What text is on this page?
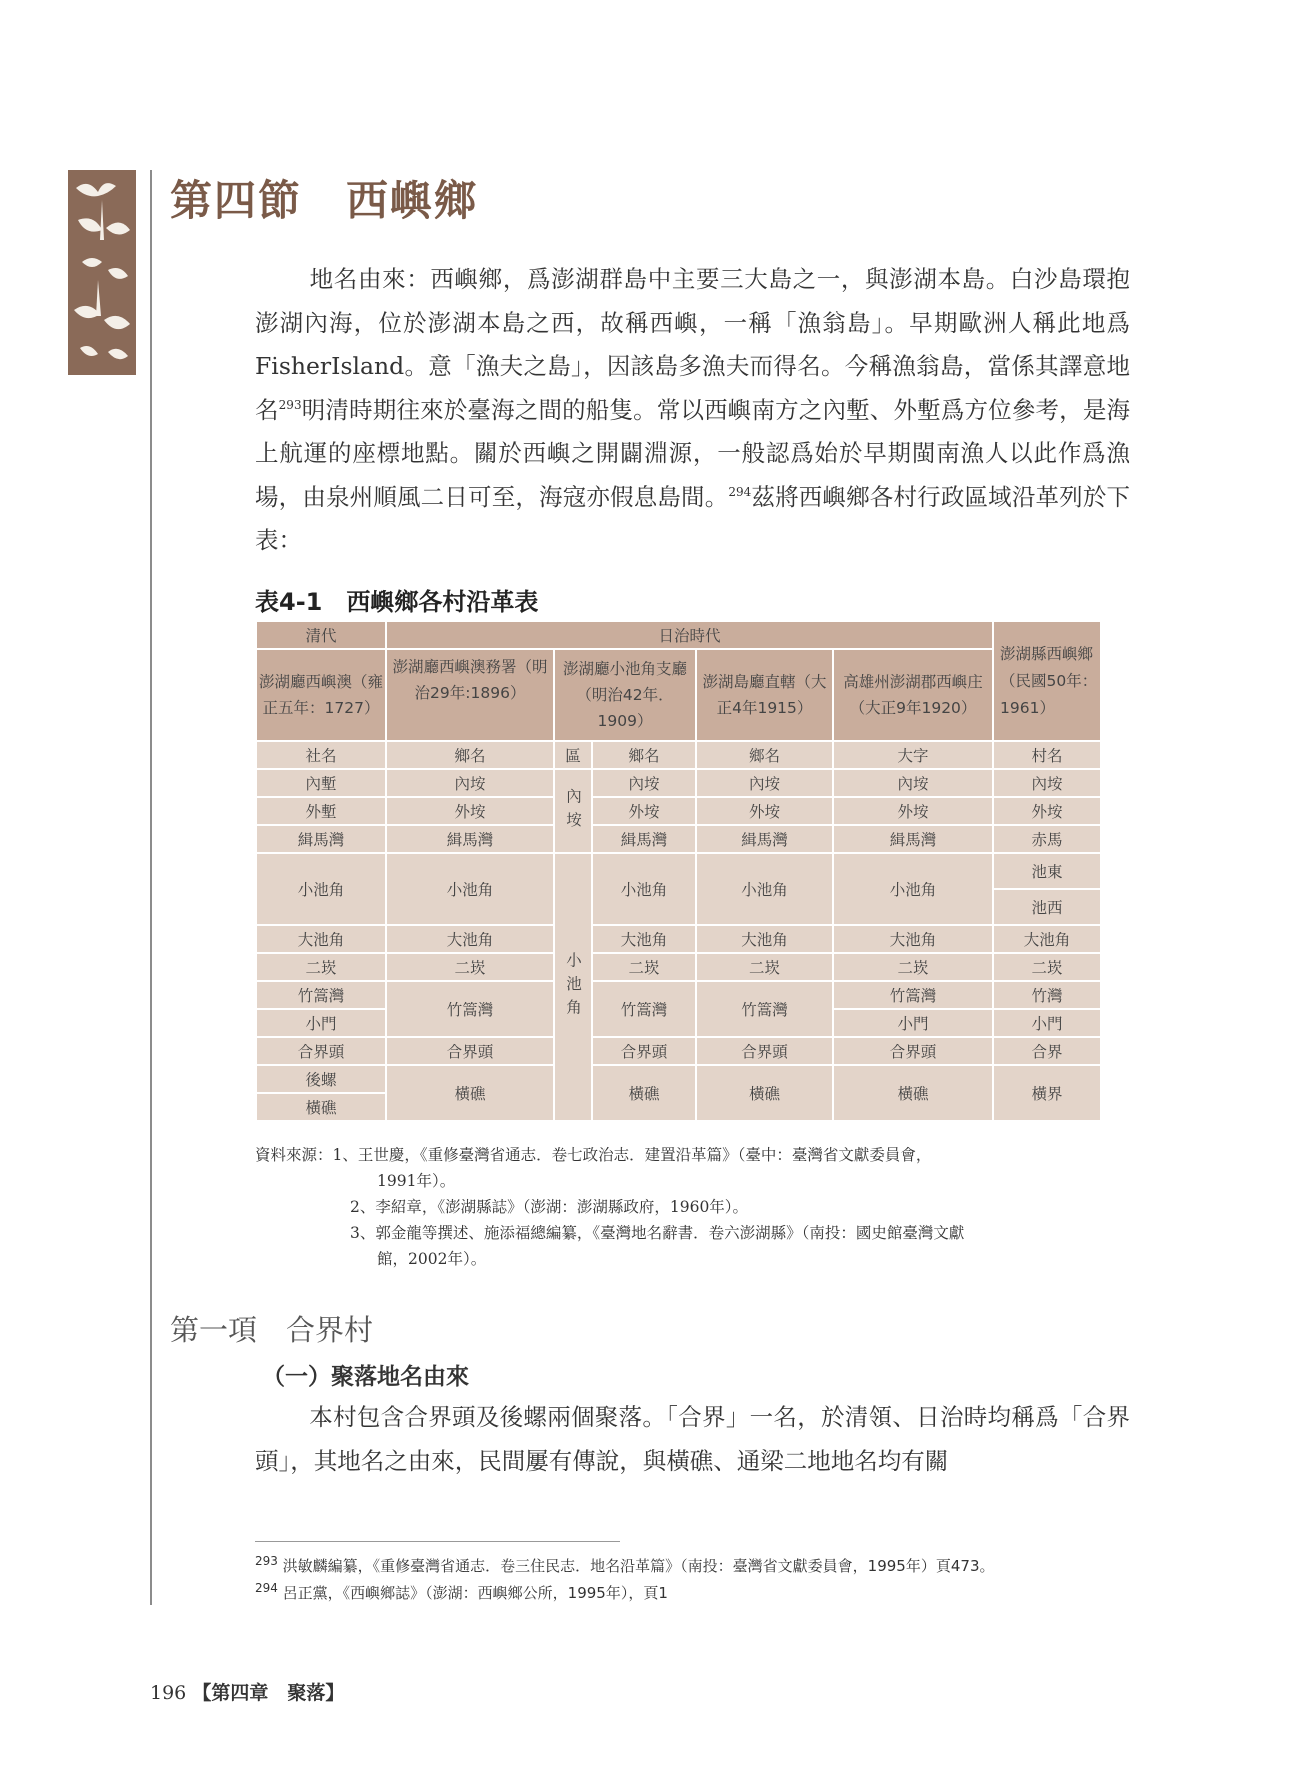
第四節　西嶼鄉
地名由來：西嶼鄉，爲澎湖群島中主要三大島之一，與澎湖本島。白沙島環抱澎湖內海，位於澎湖本島之西，故稱西嶼，一稱「漁翁島」。早期歐洲人稱此地爲FisherIsland。意「漁夫之島」，因該島多漁夫而得名。今稱漁翁島，當係其譯意地名$^{293}$明清時期往來於臺海之間的船隻。常以西嶼南方之內塹、外塹爲方位參考，是海上航運的座標地點。關於西嶼之開闢淵源，一般認爲始於早期閩南漁人以此作爲漁場，由泉州順風二日可至，海寇亦假息島間。$^{294}$茲將西嶼鄉各村行政區域沿革列於下表：
表4-1　西嶼鄉各村沿革表
清代	日治時代					澎湖縣西嶼鄉（民國50年：1961）
澎湖廳西嶼澳（雍正五年：1727）	澎湖廳西嶼澳務署（明治29年:1896）	澎湖廳小池角支廳（明治42年．1909）		澎湖島廳直轄（大正4年1915）	高雄州澎湖郡西嶼庄（大正9年1920）	
社名	鄉名	區	鄉名	鄉名	大字	村名
內塹	內垵	內垵	內垵	內垵	內垵	內垵
外塹	外垵		外垵	外垵	外垵	外垵
緝馬灣	緝馬灣		緝馬灣	緝馬灣	緝馬灣	赤馬
小池角	小池角	小池角	小池角	小池角	小池角	池東
						池西
大池角	大池角		大池角	大池角	大池角	大池角
二崁	二崁		二崁	二崁	二崁	二崁
竹篙灣	竹篙灣		竹篙灣	竹篙灣	竹篙灣	竹灣
小門					小門	小門
合界頭	合界頭		合界頭	合界頭	合界頭	合界
後螺	橫礁		橫礁	橫礁	橫礁	橫界
橫礁						
資料來源：1、王世慶，《重修臺灣省通志．卷七政治志．建置沿革篇》（臺中：臺灣省文獻委員會，
1991年）。
2、李紹章，《澎湖縣誌》（澎湖：澎湖縣政府，1960年）。
3、郭金龍等撰述、施添福總編纂，《臺灣地名辭書．卷六澎湖縣》（南投：國史館臺灣文獻
館，2002年）。
第一項　合界村
（一）聚落地名由來
本村包含合界頭及後螺兩個聚落。「合界」一名，於清領、日治時均稱爲「合界頭」，其地名之由來，民間屢有傳說，與橫礁、通梁二地地名均有關
$^{293}$ 洪敏麟編纂，《重修臺灣省通志．卷三住民志．地名沿革篇》（南投：臺灣省文獻委員會，1995年）頁473。
$^{294}$ 呂正黨，《西嶼鄉誌》（澎湖：西嶼鄉公所，1995年），頁1
196 【第四章　聚落】
